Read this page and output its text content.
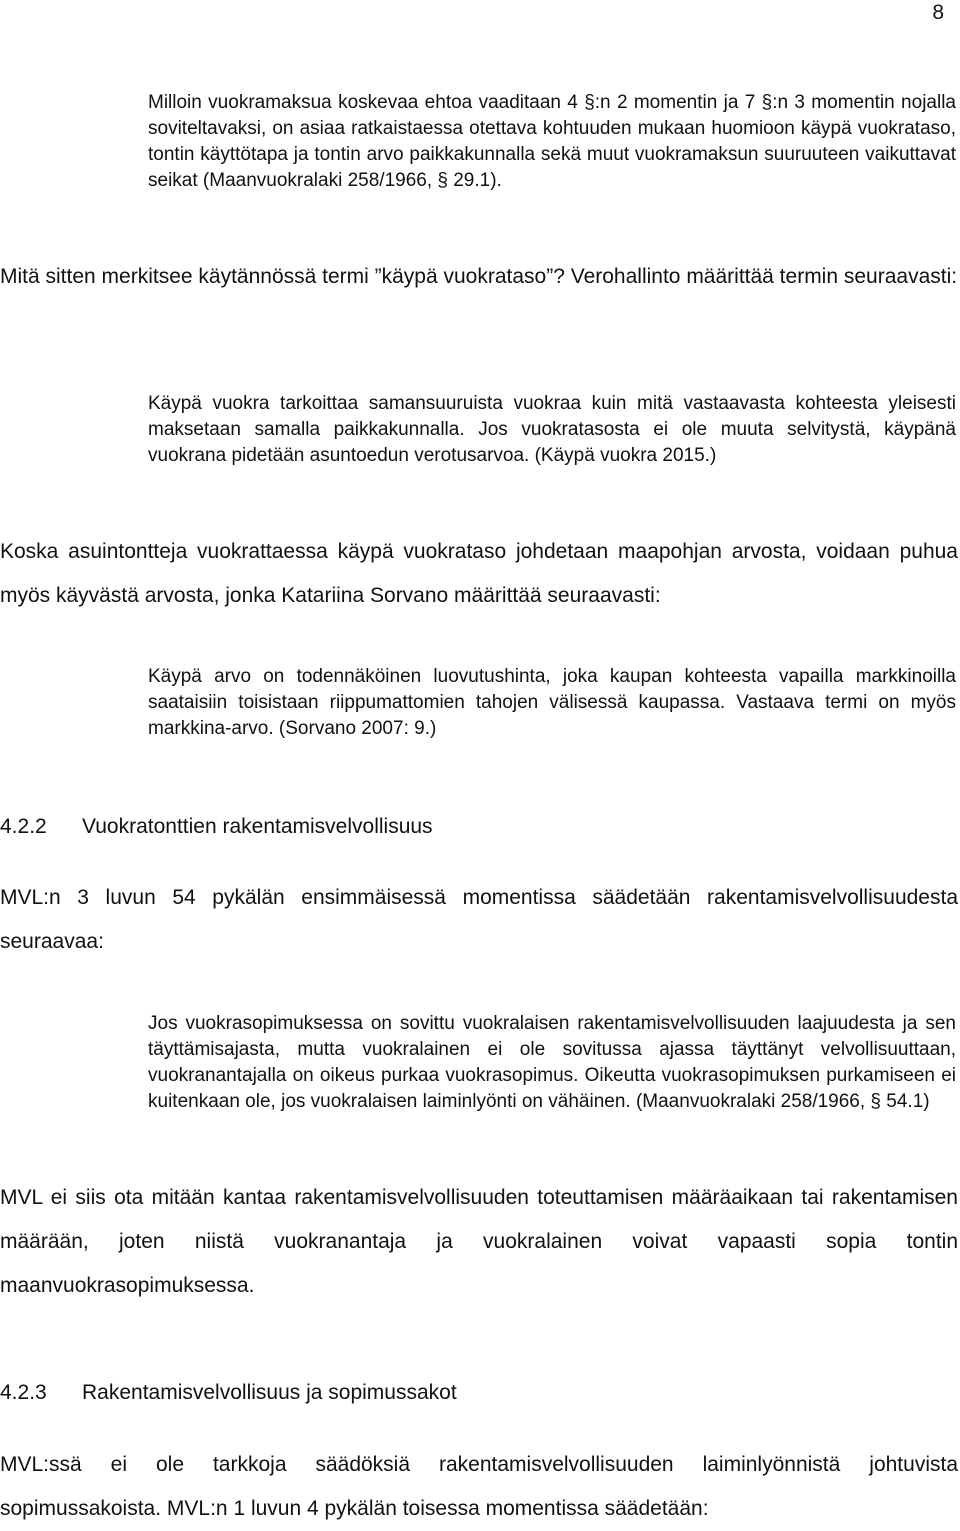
8

Milloin vuokramaksua koskevaa ehtoa vaaditaan 4 §:n 2 momentin ja 7 §:n 3 momentin nojalla soviteltavaksi, on asiaa ratkaistaessa otettava kohtuuden mukaan huomioon käypä vuokrataso, tontin käyttötapa ja tontin arvo paikkakunnalla sekä muut vuokramaksun suuruuteen vaikuttavat seikat (Maanvuokralaki 258/1966, § 29.1).

Mitä sitten merkitsee käytännössä termi ”käypä vuokrataso”? Verohallinto määrittää termin seuraavasti:

Käypä vuokra tarkoittaa samansuuruista vuokraa kuin mitä vastaavasta kohteesta yleisesti maksetaan samalla paikkakunnalla. Jos vuokratasosta ei ole muuta selvitystä, käypänä vuokrana pidetään asuntoedun verotusarvoa. (Käypä vuokra 2015.)

Koska asuintontteja vuokrattaessa käypä vuokrataso johdetaan maapohjan arvosta, voidaan puhua myös käyvästä arvosta, jonka Katariina Sorvano määrittää seuraavasti:

Käypä arvo on todennäköinen luovutushinta, joka kaupan kohteesta vapailla markkinoilla saataisiin toisistaan riippumattomien tahojen välisessä kaupassa. Vastaava termi on myös markkina-arvo. (Sorvano 2007: 9.)

4.2.2 Vuokratonttien rakentamisvelvollisuus

MVL:n 3 luvun 54 pykälän ensimmäisessä momentissa säädetään rakentamisvelvollisuudesta seuraavaa:

Jos vuokrasopimuksessa on sovittu vuokralaisen rakentamisvelvollisuuden laajuudesta ja sen täyttämisajasta, mutta vuokralainen ei ole sovitussa ajassa täyttänyt velvollisuuttaan, vuokranantajalla on oikeus purkaa vuokrasopimus. Oikeutta vuokrasopimuksen purkamiseen ei kuitenkaan ole, jos vuokralaisen laiminlyönti on vähäinen. (Maanvuokralaki 258/1966, § 54.1)

MVL ei siis ota mitään kantaa rakentamisvelvollisuuden toteuttamisen määräaikaan tai rakentamisen määrään, joten niistä vuokranantaja ja vuokralainen voivat vapaasti sopia tontin maanvuokrasopimuksessa.

4.2.3 Rakentamisvelvollisuus ja sopimussakot

MVL:ssä ei ole tarkkoja säädöksiä rakentamisvelvollisuuden laiminlyönnistä johtuvista sopimussakoista. MVL:n 1 luvun 4 pykälän toisessa momentissa säädetään:
